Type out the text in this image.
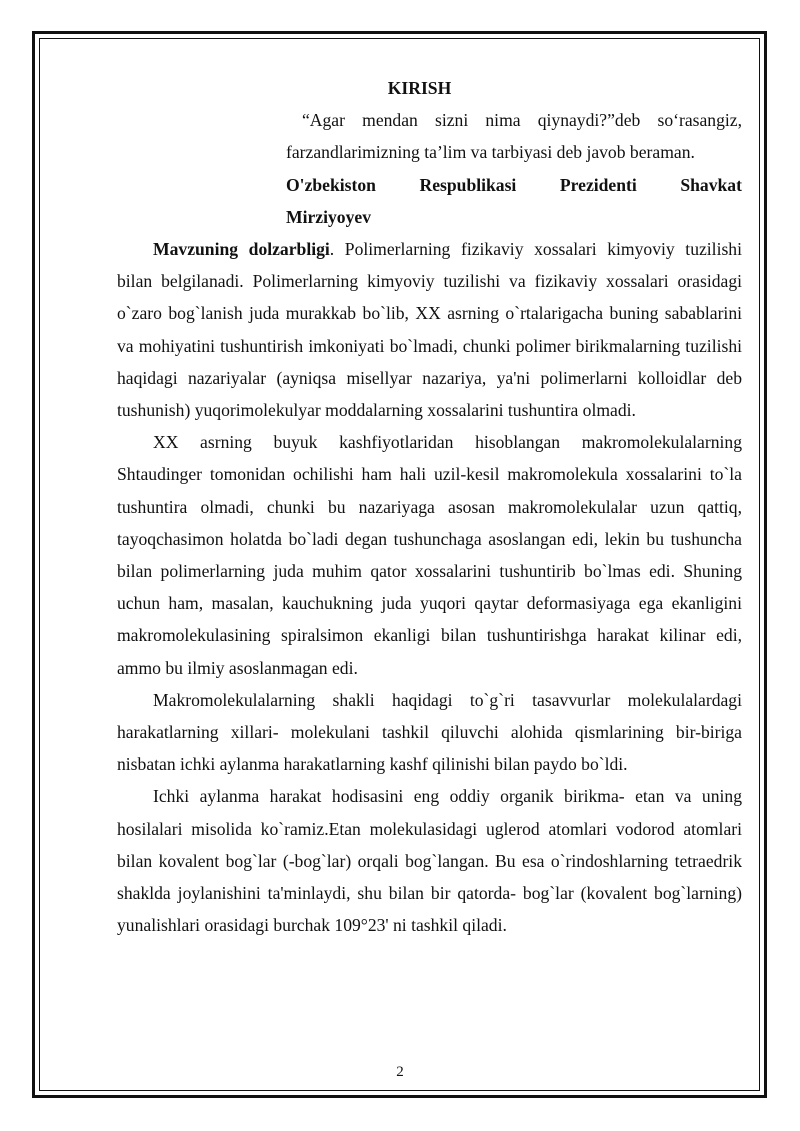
KIRISH

“Agar mendan sizni nima qiynaydi?”deb so‘rasangiz, farzandlarimizning ta’lim va tarbiyasi deb javob beraman.

O'zbekiston Respublikasi Prezidenti Shavkat
Mirziyoyev

Mavzuning dolzarbligi. Polimerlarning fizikaviy xossalari kimyoviy tuzilishi bilan belgilanadi. Polimerlarning kimyoviy tuzilishi va fizikaviy xossalari orasidagi o`zaro bog`lanish juda murakkab bo`lib, XX asrning o`rtalarigacha buning sabablarini va mohiyatini tushuntirish imkoniyati bo`lmadi, chunki polimer birikmalarning tuzilishi haqidagi nazariyalar (ayniqsa misellyar nazariya, ya'ni polimerlarni kolloidlar deb tushunish) yuqorimolekulyar moddalarning xossalarini tushuntira olmadi.

XX asrning buyuk kashfiyotlaridan hisoblangan makromolekulalarning Shtaudinger tomonidan ochilishi ham hali uzil-kesil makromolekula xossalarini to`la tushuntira olmadi, chunki bu nazariyaga asosan makromolekulalar uzun qattiq, tayoqchasimon holatda bo`ladi degan tushunchaga asoslangan edi, lekin bu tushuncha bilan polimerlarning juda muhim qator xossalarini tushuntirib bo`lmas edi. Shuning uchun ham, masalan, kauchukning juda yuqori qaytar deformasiyaga ega ekanligini makromolekulasining spiralsimon ekanligi bilan tushuntirishga harakat kilinar edi, ammo bu ilmiy asoslanmagan edi.

Makromolekulalarning shakli haqidagi to`g`ri tasavvurlar molekulalardagi harakatlarning xillari- molekulani tashkil qiluvchi alohida qismlarining bir-biriga nisbatan ichki aylanma harakatlarning kashf qilinishi bilan paydo bo`ldi.

Ichki aylanma harakat hodisasini eng oddiy organik birikma- etan va uning hosilalari misolida ko`ramiz.Etan molekulasidagi uglerod atomlari vodorod atomlari bilan kovalent bog`lar (-bog`lar) orqali bog`langan. Bu esa o`rindoshlarning tetraedrik shaklda joylanishini ta'minlaydi, shu bilan bir qatorda- bog`lar (kovalent bog`larning) yunalishlari orasidagi burchak 109°23' ni tashkil qiladi.

2
